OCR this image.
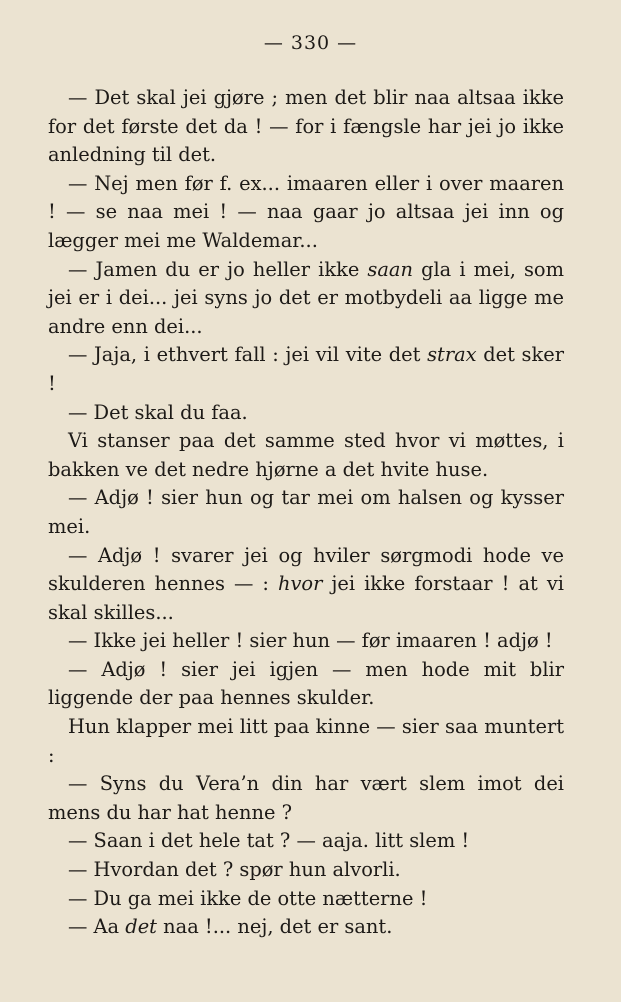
— 330 —

— Det skal jei gjøre ; men det blir naa altsaa ikke for det første det da ! — for i fængsle har jei jo ikke anledning til det.

— Nej men før f. ex... imaaren eller i over maaren ! — se naa mei ! — naa gaar jo altsaa jei inn og lægger mei me Waldemar...

— Jamen du er jo heller ikke saan gla i mei, som jei er i dei... jei syns jo det er motbydeli aa ligge me andre enn dei...

— Jaja, i ethvert fall : jei vil vite det strax det sker !

— Det skal du faa.

Vi stanser paa det samme sted hvor vi møttes, i bakken ve det nedre hjørne a det hvite huse.

— Adjø ! sier hun og tar mei om halsen og kysser mei.

— Adjø ! svarer jei og hviler sørgmodi hode ve skulderen hennes — : hvor jei ikke forstaar ! at vi skal skilles...

— Ikke jei heller ! sier hun — før imaaren ! adjø !

— Adjø ! sier jei igjen — men hode mit blir liggende der paa hennes skulder.

Hun klapper mei litt paa kinne — sier saa muntert :

— Syns du Vera’n din har vært slem imot dei mens du har hat henne ?

— Saan i det hele tat ? — aaja. litt slem !

— Hvordan det ? spør hun alvorli.

— Du ga mei ikke de otte nætterne !

— Aa det naa !... nej, det er sant.
